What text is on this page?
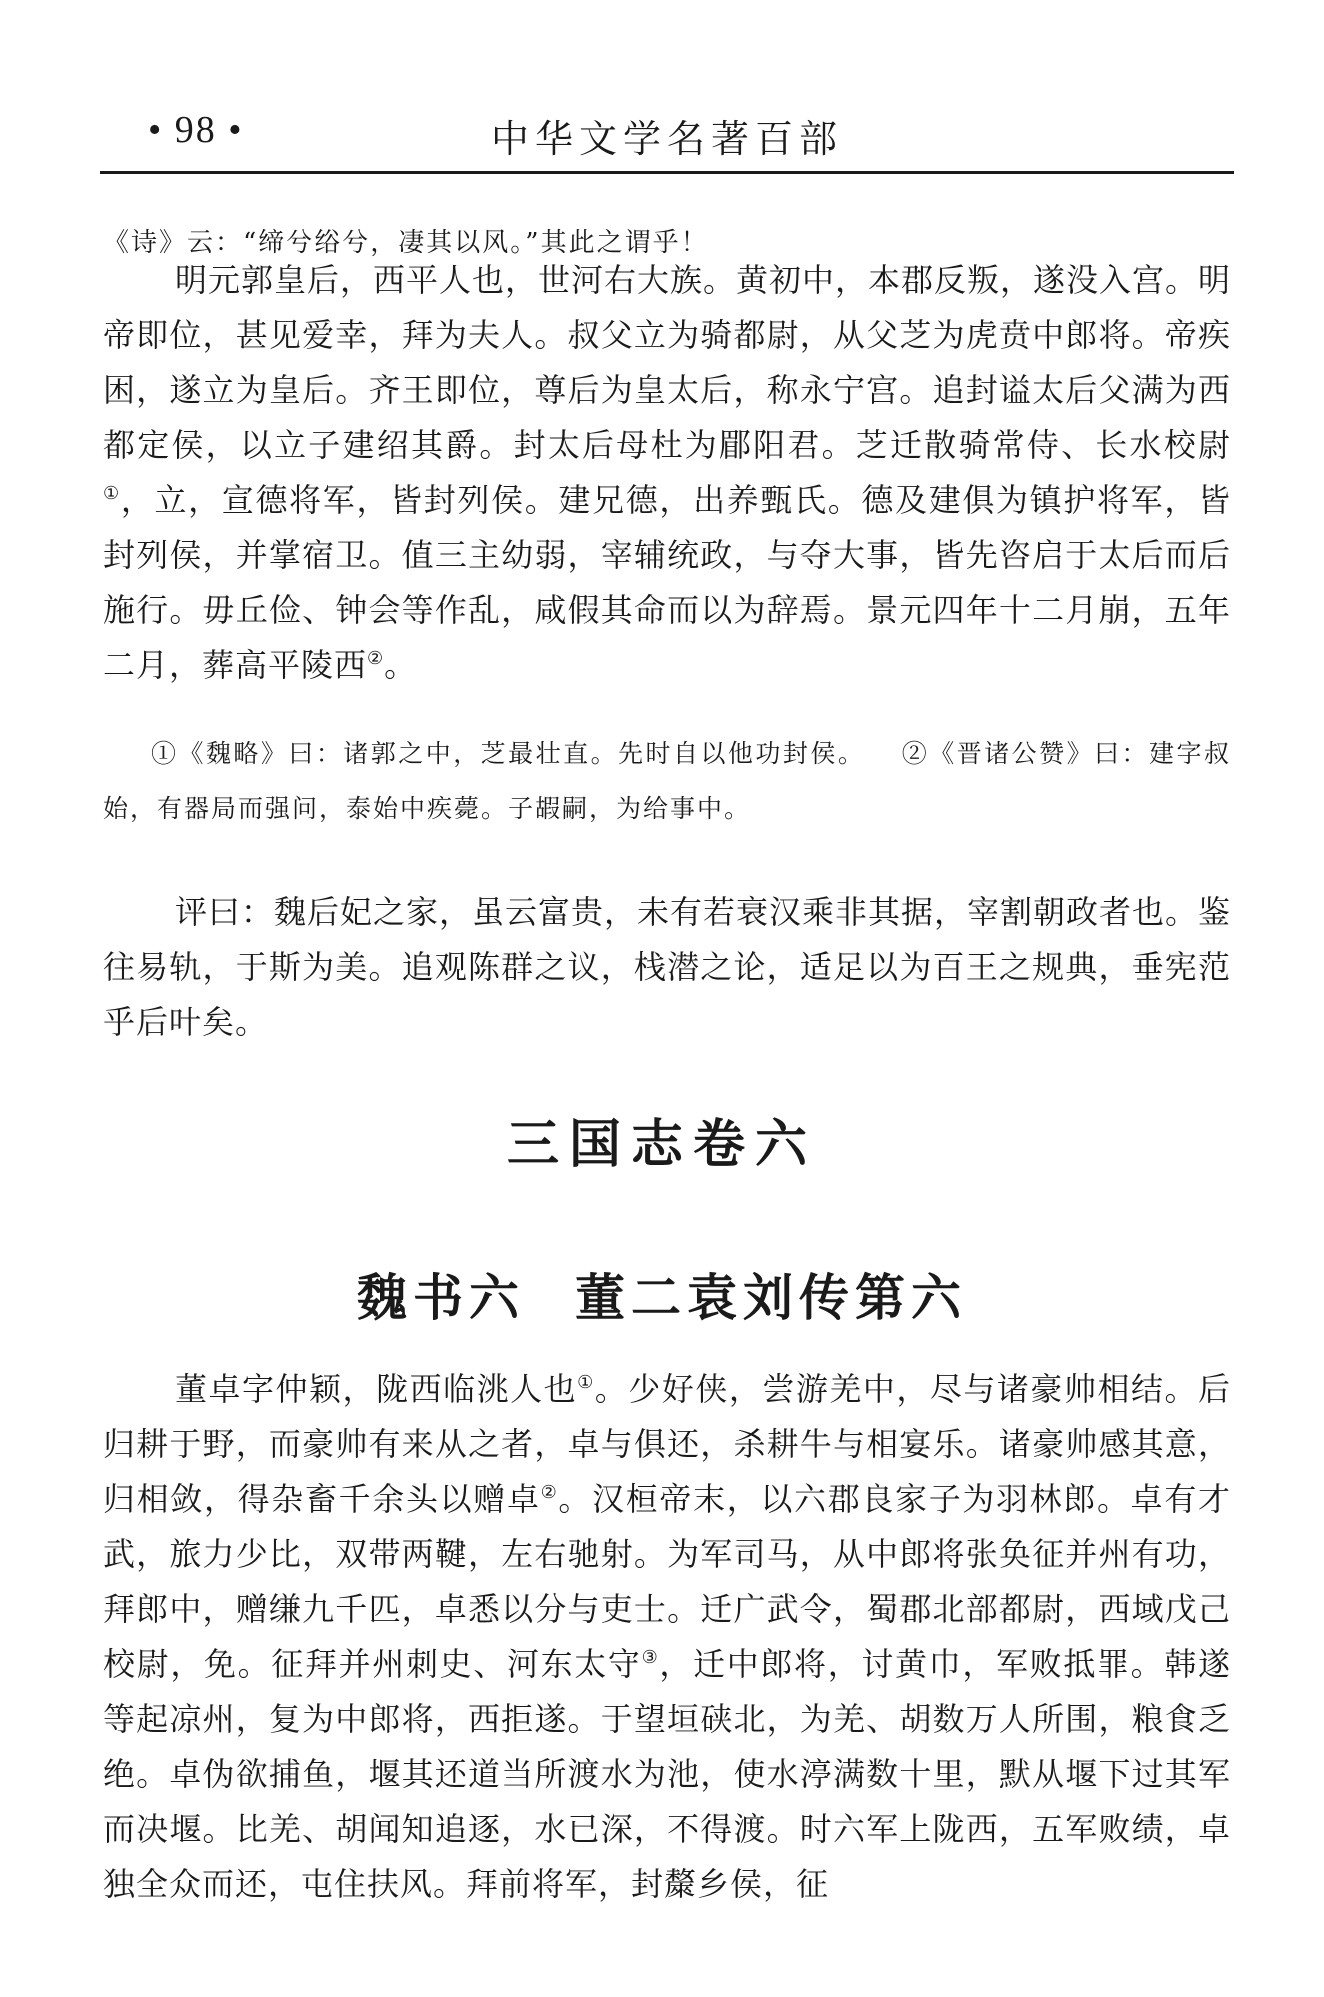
• 98 •	中华文学名著百部
《诗》云：“缔兮绤兮，凄其以风。”其此之谓乎！
明元郭皇后，西平人也，世河右大族。黄初中，本郡反叛，遂没入宫。明帝即位，甚见爱幸，拜为夫人。叔父立为骑都尉，从父芝为虎贲中郎将。帝疾困，遂立为皇后。齐王即位，尊后为皇太后，称永宁宫。追封谥太后父满为西都定侯，以立子建绍其爵。封太后母杜为郿阳君。芝迁散骑常侍、长水校尉①，立，宣德将军，皆封列侯。建兄德，出养甄氏。德及建俱为镇护将军，皆封列侯，并掌宿卫。值三主幼弱，宰辅统政，与夺大事，皆先咨启于太后而后施行。毋丘俭、钟会等作乱，咸假其命而以为辞焉。景元四年十二月崩，五年二月，葬高平陵西②。
①《魏略》曰：诸郭之中，芝最壮直。先时自以他功封侯。 ②《晋诸公赞》曰：建字叔始，有器局而强问，泰始中疾薨。子嘏嗣，为给事中。
评曰：魏后妃之家，虽云富贵，未有若衰汉乘非其据，宰割朝政者也。鉴往易轨，于斯为美。追观陈群之议，栈潜之论，适足以为百王之规典，垂宪范乎后叶矣。
三国志卷六
魏书六 董二袁刘传第六
董卓字仲颖，陇西临洮人也①。少好侠，尝游羌中，尽与诸豪帅相结。后归耕于野，而豪帅有来从之者，卓与俱还，杀耕牛与相宴乐。诸豪帅感其意，归相敛，得杂畜千余头以赠卓②。汉桓帝末，以六郡良家子为羽林郎。卓有才武，旅力少比，双带两鞬，左右驰射。为军司马，从中郎将张奂征并州有功，拜郎中，赠缣九千匹，卓悉以分与吏士。迁广武令，蜀郡北部都尉，西域戊己校尉，免。征拜并州刺史、河东太守③，迁中郎将，讨黄巾，军败抵罪。韩遂等起凉州，复为中郎将，西拒遂。于望垣硖北，为羌、胡数万人所围，粮食乏绝。卓伪欲捕鱼，堰其还道当所渡水为池，使水渟满数十里，默从堰下过其军而决堰。比羌、胡闻知追逐，水已深，不得渡。时六军上陇西，五军败绩，卓独全众而还，屯住扶风。拜前将军，封斄乡侯，征
